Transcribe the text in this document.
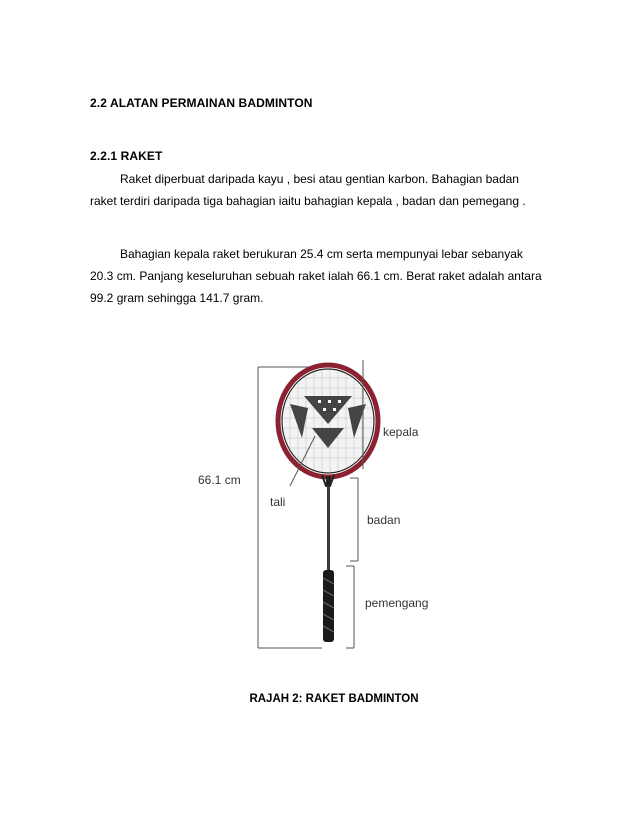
2.2 ALATAN PERMAINAN BADMINTON
2.2.1 RAKET
Raket diperbuat daripada kayu , besi atau gentian karbon. Bahagian badan raket terdiri daripada tiga bahagian iaitu bahagian kepala , badan dan pemegang .
Bahagian kepala raket berukuran 25.4 cm serta mempunyai lebar sebanyak 20.3 cm. Panjang keseluruhan sebuah raket ialah 66.1 cm. Berat raket adalah antara 99.2 gram sehingga 141.7 gram.
66.1 cm
kepala
tali
badan
pemengang
RAJAH 2: RAKET BADMINTON
